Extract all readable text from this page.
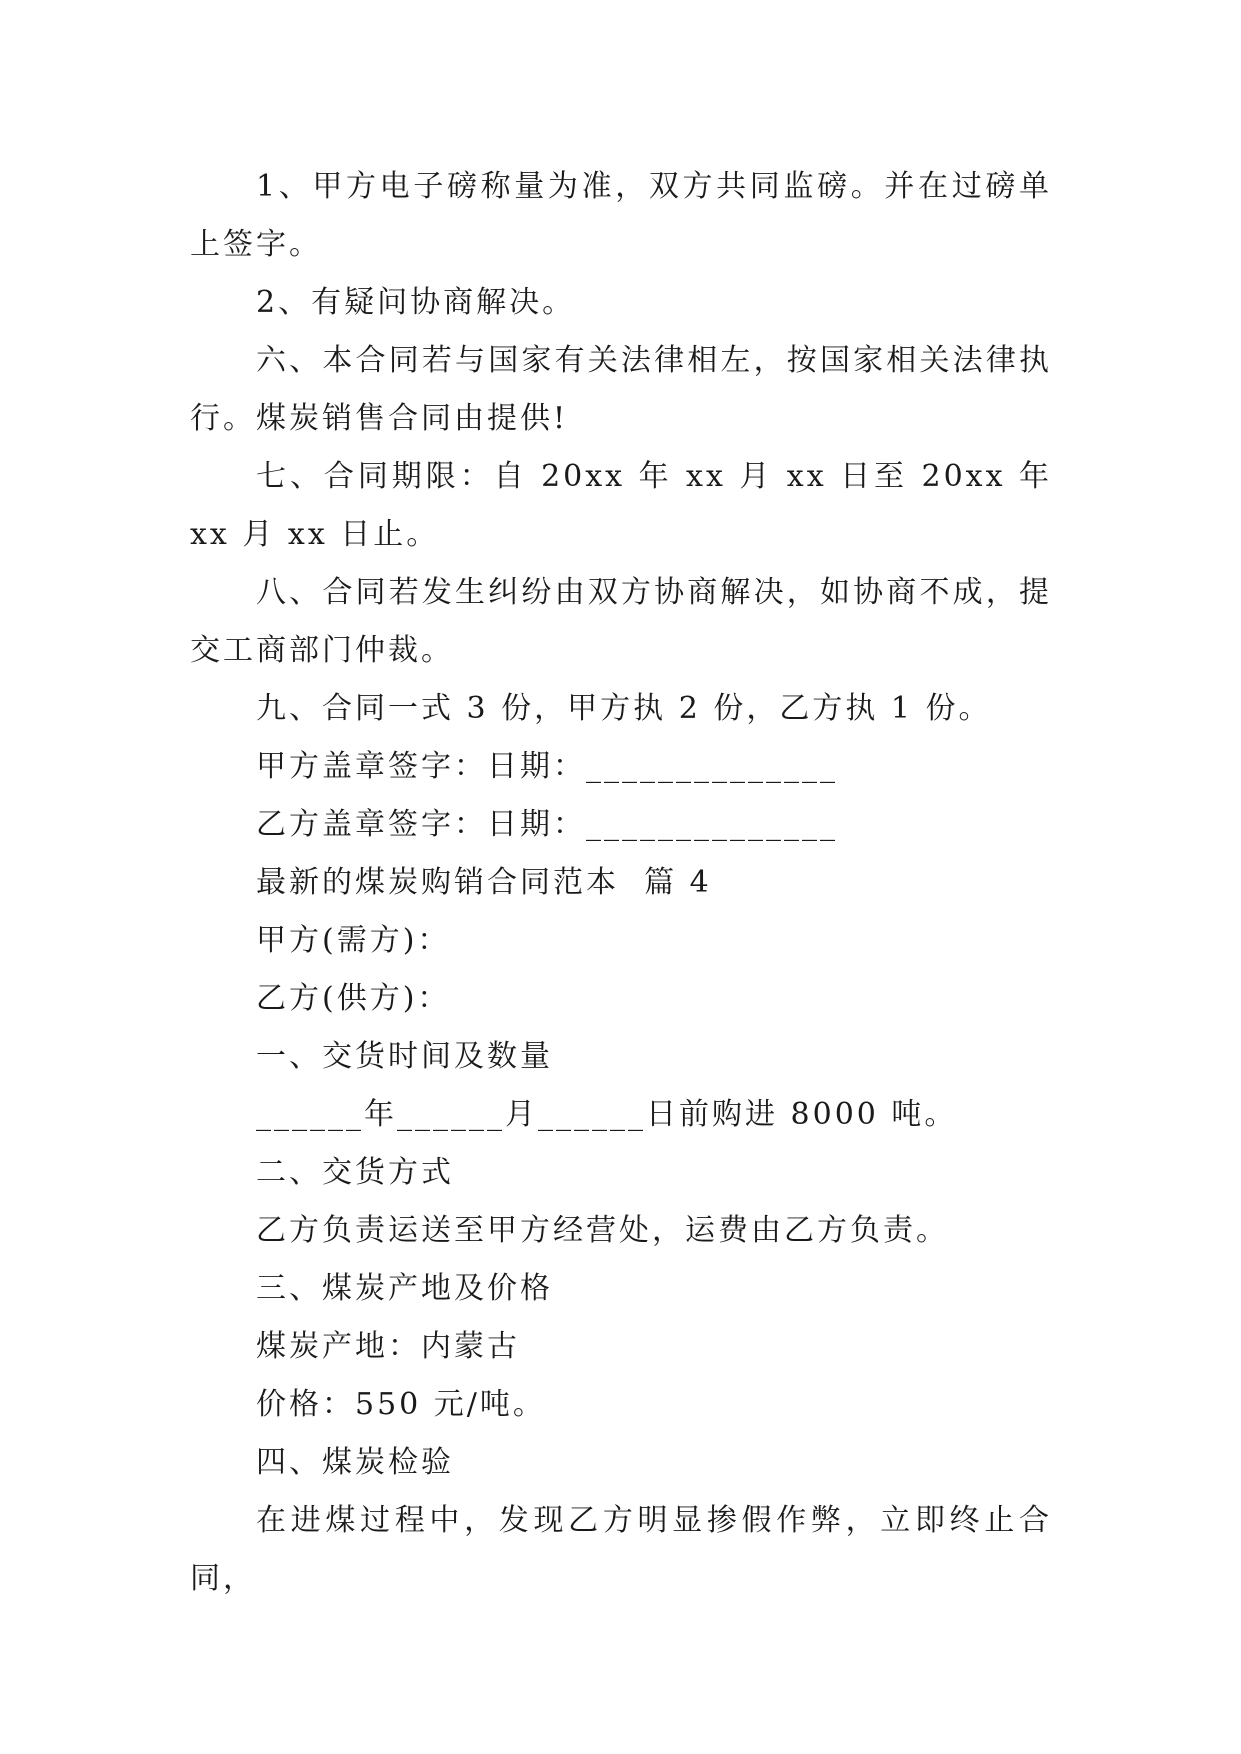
1、甲方电子磅称量为准，双方共同监磅。并在过磅单上签字。

2、有疑问协商解决。

六、本合同若与国家有关法律相左，按国家相关法律执行。煤炭销售合同由提供!

七、合同期限：自 20xx 年 xx 月 xx 日至 20xx 年 xx 月 xx 日止。

八、合同若发生纠纷由双方协商解决，如协商不成，提交工商部门仲裁。

九、合同一式 3 份，甲方执 2 份，乙方执 1 份。

甲方盖章签字：日期：______________

乙方盖章签字：日期：______________

最新的煤炭购销合同范本  篇 4

甲方(需方)：

乙方(供方)：

一、交货时间及数量

______年______月______日前购进 8000 吨。

二、交货方式

乙方负责运送至甲方经营处，运费由乙方负责。

三、煤炭产地及价格

煤炭产地：内蒙古

价格：550 元/吨。

四、煤炭检验

在进煤过程中，发现乙方明显掺假作弊，立即终止合同，
